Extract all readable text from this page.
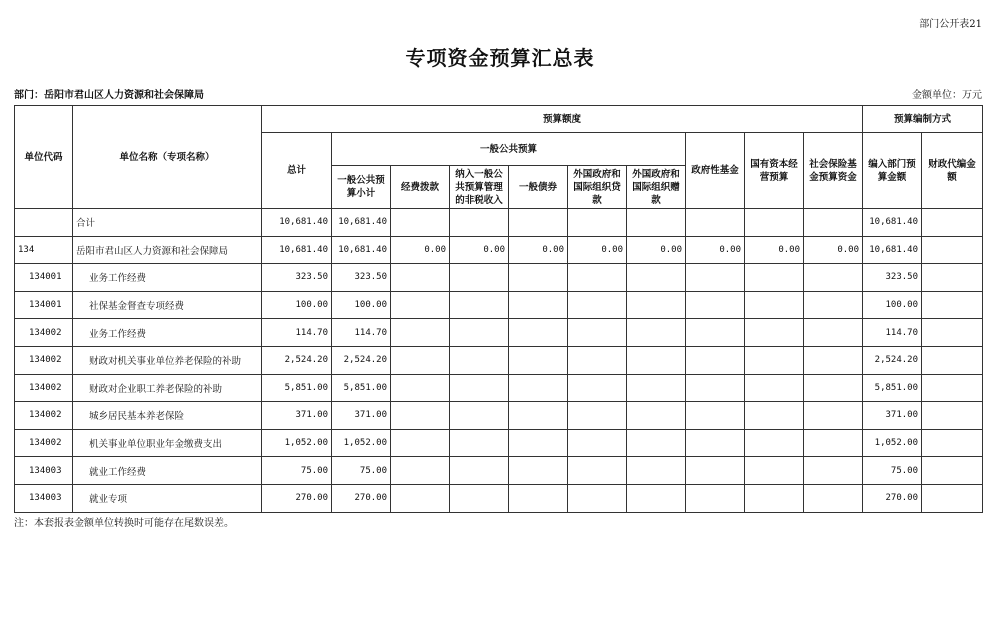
部门公开表21
专项资金预算汇总表
部门：岳阳市君山区人力资源和社会保障局	金额单位：万元
单位代码	单位名称（专项名称）	预算额度										预算编制方式	
		总计	一般公共预算						政府性基金	国有资本经营预算	社会保险基金预算资金	编入部门预算金额	财政代编金额
			一般公共预算小计	经费拨款	纳入一般公共预算管理的非税收入	一般债券	外国政府和国际组织贷款	外国政府和国际组织赠款					
	合计	10,681.40	10,681.40									10,681.40	
134	岳阳市君山区人力资源和社会保障局	10,681.40	10,681.40	0.00	0.00	0.00	0.00	0.00	0.00	0.00	0.00	10,681.40	
134001	业务工作经费	323.50	323.50									323.50	
134001	社保基金督查专项经费	100.00	100.00									100.00	
134002	业务工作经费	114.70	114.70									114.70	
134002	财政对机关事业单位养老保险的补助	2,524.20	2,524.20									2,524.20	
134002	财政对企业职工养老保险的补助	5,851.00	5,851.00									5,851.00	
134002	城乡居民基本养老保险	371.00	371.00									371.00	
134002	机关事业单位职业年金缴费支出	1,052.00	1,052.00									1,052.00	
134003	就业工作经费	75.00	75.00									75.00	
134003	就业专项	270.00	270.00									270.00	
注：本套报表金额单位转换时可能存在尾数误差。
